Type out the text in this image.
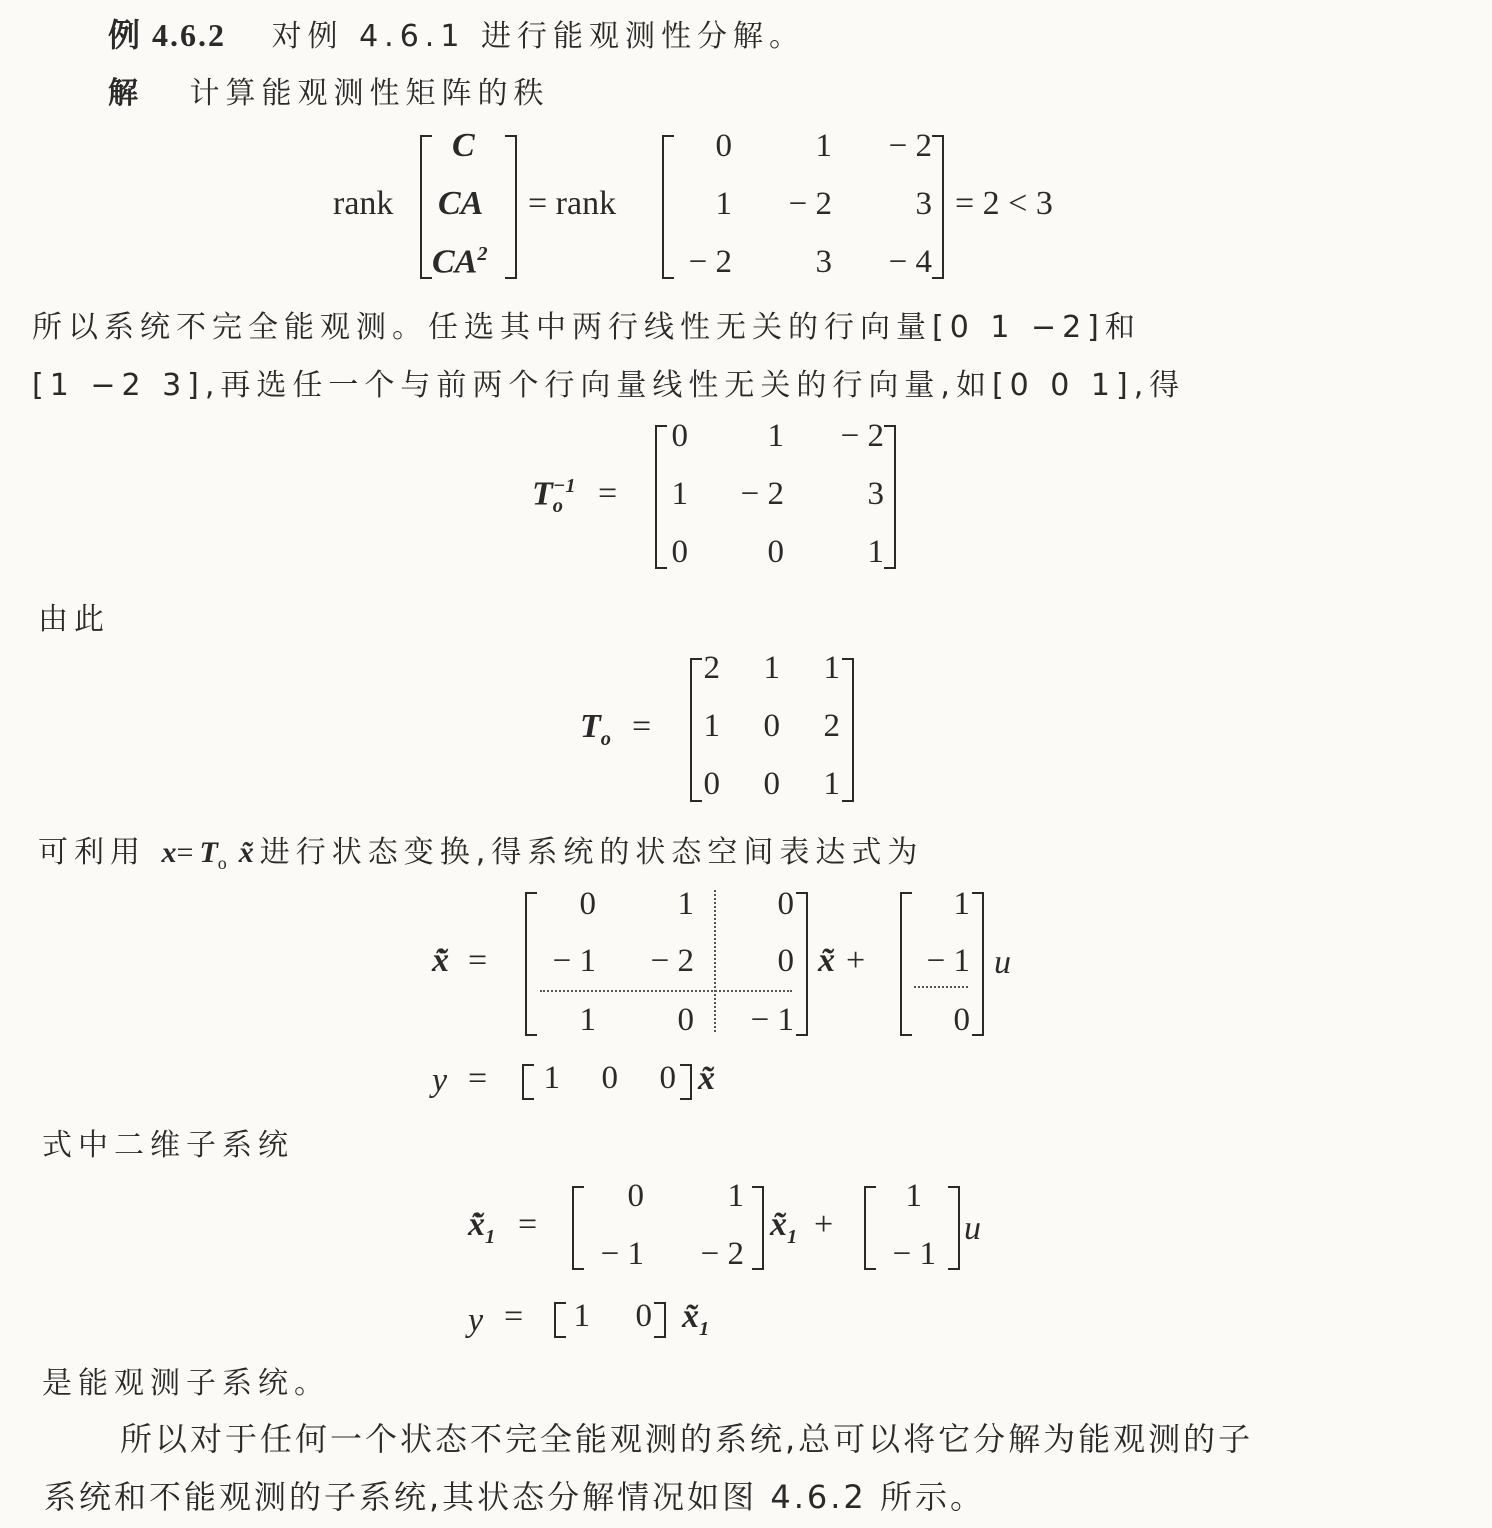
例 4.6.2 对例 4.6.1 进行能观测性分解。
解 计算能观测性矩阵的秩
rank
C
CA
$CA^2$
= rank
0	1	− 2
1	− 2	3
− 2	3	− 4
= 2 < 3
所以系统不完全能观测。任选其中两行线性无关的行向量[0 1 −2]和
[1 −2 3],再选任一个与前两个行向量线性无关的行向量,如[0 0 1],得
$T_o^{-1}$ =
0	1	− 2
1	− 2	3
0	0	1
由此
$T_o$ =
2	1	1
1	0	2
0	0	1
可利用 $x=T_o$ x̃进行状态变换,得系统的状态空间表达式为
x̃̇ =
0	1	0
− 1	− 2	0
1	0	− 1
x̃ +
1
− 1
0
u
y =	1	0	0 x̃
式中二维子系统
$x̃̇_1$ =
0	1
− 1	− 2
$x̃_1$ +
1
− 1
u
y =	1	0 $x̃_1$
是能观测子系统。
所以对于任何一个状态不完全能观测的系统,总可以将它分解为能观测的子
系统和不能观测的子系统,其状态分解情况如图 4.6.2 所示。
